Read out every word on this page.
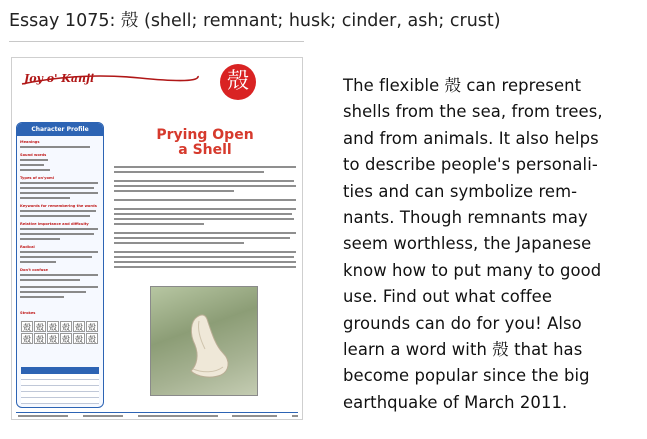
Essay 1075: 殻 (shell; remnant; husk; cinder, ash; crust)
Joy o' Kanji	殻
Character Profile
Meanings
Sound words
Types of on'yomi
Keywords for remembering the words
Relative importance and difficulty
Radical
Don't confuse
Strokes
殻 殻 殻 殻 殻 殻
殻 殻 殻 殻 殻 殻
Prying Open
a Shell
The flexible 殻 can represent
shells from the sea, from trees,
and from animals. It also helps
to describe people's personali-
ties and can symbolize rem-
nants. Though remnants may
seem worthless, the Japanese
know how to put many to good
use. Find out what coffee
grounds can do for you! Also
learn a word with 殻 that has
become popular since the big
earthquake of March 2011.
